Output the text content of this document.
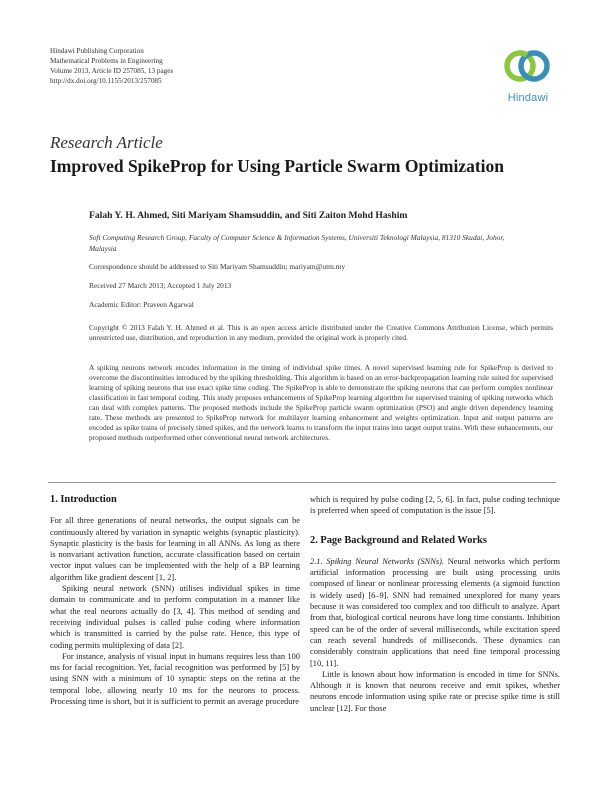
Hindawi Publishing Corporation
Mathematical Problems in Engineering
Volume 2013, Article ID 257085, 13 pages
http://dx.doi.org/10.1155/2013/257085
Hindawi
Research Article
Improved SpikeProp for Using Particle Swarm Optimization
Falah Y. H. Ahmed, Siti Mariyam Shamsuddin, and Siti Zaiton Mohd Hashim
Soft Computing Research Group, Faculty of Computer Science & Information Systems, Universiti Teknologi Malaysia, 81310 Skudai, Johor, Malaysia
Correspondence should be addressed to Siti Mariyam Shamsuddin; mariyam@utm.my
Received 27 March 2013; Accepted 1 July 2013
Academic Editor: Praveen Agarwal
Copyright © 2013 Falah Y. H. Ahmed et al. This is an open access article distributed under the Creative Commons Attribution License, which permits unrestricted use, distribution, and reproduction in any medium, provided the original work is properly cited.
A spiking neurons network encodes information in the timing of individual spike times. A novel supervised learning rule for SpikeProp is derived to overcome the discontinuities introduced by the spiking thresholding. This algorithm is based on an error-backpropagation learning rule suited for supervised learning of spiking neurons that use exact spike time coding. The SpikeProp is able to demonstrate the spiking neurons that can perform complex nonlinear classification in fast temporal coding. This study proposes enhancements of SpikeProp learning algorithm for supervised training of spiking networks which can deal with complex patterns. The proposed methods include the SpikeProp particle swarm optimization (PSO) and angle driven dependency learning rate. These methods are presented to SpikeProp network for multilayer learning enhancement and weights optimization. Input and output patterns are encoded as spike trains of precisely timed spikes, and the network learns to transform the input trains into target output trains. With these enhancements, our proposed methods outperformed other conventional neural network architectures.
1. Introduction

For all three generations of neural networks, the output signals can be continuously altered by variation in synaptic weights (synaptic plasticity). Synaptic plasticity is the basis for learning in all ANNs. As long as there is nonvariant activation function, accurate classification based on certain vector input values can be implemented with the help of a BP learning algorithm like gradient descent [1, 2].

Spiking neural network (SNN) utilises individual spikes in time domain to communicate and to perform computation in a manner like what the real neurons actually do [3, 4]. This method of sending and receiving individual pulses is called pulse coding where information which is transmitted is carried by the pulse rate. Hence, this type of coding permits multiplexing of data [2].

For instance, analysis of visual input in humans requires less than 100 ms for facial recognition. Yet, facial recognition was performed by [5] by using SNN with a minimum of 10 synaptic steps on the retina at the temporal lobe, allowing nearly 10 ms for the neurons to process. Processing time is short, but it is sufficient to permit an average procedure

which is required by pulse coding [2, 5, 6]. In fact, pulse coding technique is preferred when speed of computation is the issue [5].

2. Page Background and Related Works

2.1. Spiking Neural Networks (SNNs). Neural networks which perform artificial information processing are built using processing units composed of linear or nonlinear processing elements (a sigmoid function is widely used) [6–9]. SNN had remained unexplored for many years because it was considered too complex and too difficult to analyze. Apart from that, biological cortical neurons have long time constants. Inhibition speed can be of the order of several milliseconds, while excitation speed can reach several hundreds of milliseconds. These dynamics can considerably constrain applications that need fine temporal processing [10, 11].

Little is known about how information is encoded in time for SNNs. Although it is known that neurons receive and emit spikes, whether neurons encode information using spike rate or precise spike time is still unclear [12]. For those
